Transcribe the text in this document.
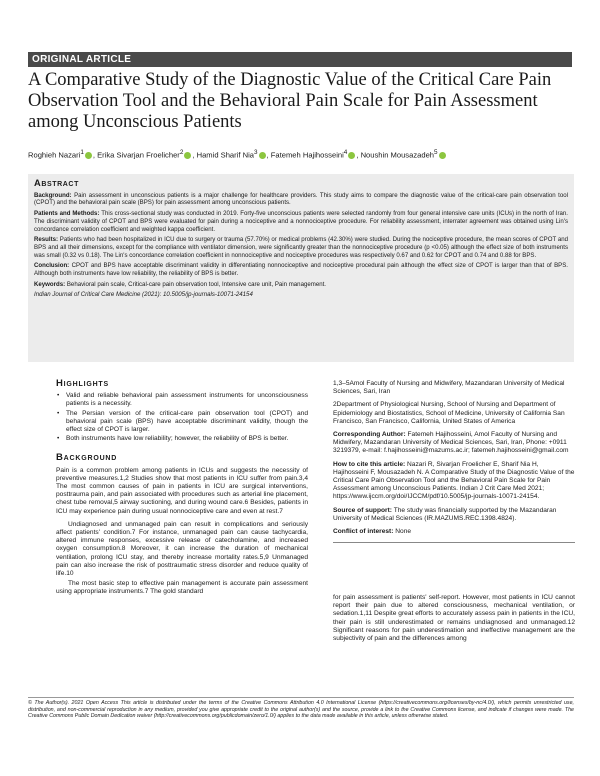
ORIGINAL ARTICLE
A Comparative Study of the Diagnostic Value of the Critical Care Pain Observation Tool and the Behavioral Pain Scale for Pain Assessment among Unconscious Patients
Roghieh Nazari$^1$ , Erika Sivarjan Froelicher$^2$ , Hamid Sharif Nia$^3$ , Fatemeh Hajihosseini$^4$ , Noushin Mousazadeh$^5$
Abstract

Background: Pain assessment in unconscious patients is a major challenge for healthcare providers. This study aims to compare the diagnostic value of the critical-care pain observation tool (CPOT) and the behavioral pain scale (BPS) for pain assessment among unconscious patients.

Patients and Methods: This cross-sectional study was conducted in 2019. Forty-five unconscious patients were selected randomly from four general intensive care units (ICUs) in the north of Iran. The discriminant validity of CPOT and BPS were evaluated for pain during a nociceptive and a nonnociceptive procedure. For reliability assessment, interrater agreement was obtained using Lin's concordance correlation coefficient and weighted kappa coefficient.

Results: Patients who had been hospitalized in ICU due to surgery or trauma (57.70%) or medical problems (42.30%) were studied. During the nociceptive procedure, the mean scores of CPOT and BPS and all their dimensions, except for the compliance with ventilator dimension, were significantly greater than the nonnociceptive procedure (p <0.05) although the effect size of both instruments was small (0.32 vs 0.18). The Lin's concordance correlation coefficient in nonnociceptive and nociceptive procedures was respectively 0.67 and 0.62 for CPOT and 0.74 and 0.88 for BPS.

Conclusion: CPOT and BPS have acceptable discriminant validity in differentiating nonnociceptive and nociceptive procedural pain although the effect size of CPOT is larger than that of BPS. Although both instruments have low reliability, the reliability of BPS is better.

Keywords: Behavioral pain scale, Critical-care pain observation tool, Intensive care unit, Pain management.

Indian Journal of Critical Care Medicine (2021): 10.5005/jp-journals-10071-24154

Highlights
• Valid and reliable behavioral pain assessment instruments for unconsciousness patients is a necessity.
• The Persian version of the critical-care pain observation tool (CPOT) and behavioral pain scale (BPS) have acceptable discriminant validity, though the effect size of CPOT is larger.
• Both instruments have low reliability; however, the reliability of BPS is better.
Background

Pain is a common problem among patients in ICUs and suggests the necessity of preventive measures.1,2 Studies show that most patients in ICU suffer from pain.3,4 The most common causes of pain in patients in ICU are surgical interventions, posttrauma pain, and pain associated with procedures such as arterial line placement, chest tube removal,5 airway suctioning, and during wound care.6 Besides, patients in ICU may experience pain during usual nonnociceptive care and even at rest.7

Undiagnosed and unmanaged pain can result in complications and seriously affect patients' condition.7 For instance, unmanaged pain can cause tachycardia, altered immune responses, excessive release of catecholamine, and increased oxygen consumption.8 Moreover, it can increase the duration of mechanical ventilation, prolong ICU stay, and thereby increase mortality rates.5,9 Unmanaged pain can also increase the risk of posttraumatic stress disorder and reduce quality of life.10

The most basic step to effective pain management is accurate pain assessment using appropriate instruments.7 The gold standard

1,3–5Amol Faculty of Nursing and Midwifery, Mazandaran University of Medical Sciences, Sari, Iran

2Department of Physiological Nursing, School of Nursing and Department of Epidemiology and Biostatistics, School of Medicine, University of California San Francisco, San Francisco, California, United States of America

Corresponding Author: Fatemeh Hajihosseini, Amol Faculty of Nursing and Midwifery, Mazandaran University of Medical Sciences, Sari, Iran, Phone: +0911 3219379, e-mail: f.hajihosseini@mazums.ac.ir; fatemeh.hajihosseini@gmail.com

How to cite this article: Nazari R, Sivarjan Froelicher E, Sharif Nia H, Hajihosseini F, Mousazadeh N. A Comparative Study of the Diagnostic Value of the Critical Care Pain Observation Tool and the Behavioral Pain Scale for Pain Assessment among Unconscious Patients. Indian J Crit Care Med 2021; https://www.ijccm.org/doi/IJCCM/pdf/10.5005/jp-journals-10071-24154.

Source of support: The study was financially supported by the Mazandaran University of Medical Sciences (IR.MAZUMS.REC.1398.4824).

Conflict of interest: None

for pain assessment is patients' self-report. However, most patients in ICU cannot report their pain due to altered consciousness, mechanical ventilation, or sedation.1,11 Despite great efforts to accurately assess pain in patients in the ICU, their pain is still underestimated or remains undiagnosed and unmanaged.12 Significant reasons for pain underestimation and ineffective management are the subjectivity of pain and the differences among

© The Author(s). 2021 Open Access This article is distributed under the terms of the Creative Commons Attribution 4.0 International License (https://creativecommons.org/licenses/by-nc/4.0/), which permits unrestricted use, distribution, and non-commercial reproduction in any medium, provided you give appropriate credit to the original author(s) and the source, provide a link to the Creative Commons license, and indicate if changes were made. The Creative Commons Public Domain Dedication waiver (http://creativecommons.org/publicdomain/zero/1.0/) applies to the data made available in this article, unless otherwise stated.
